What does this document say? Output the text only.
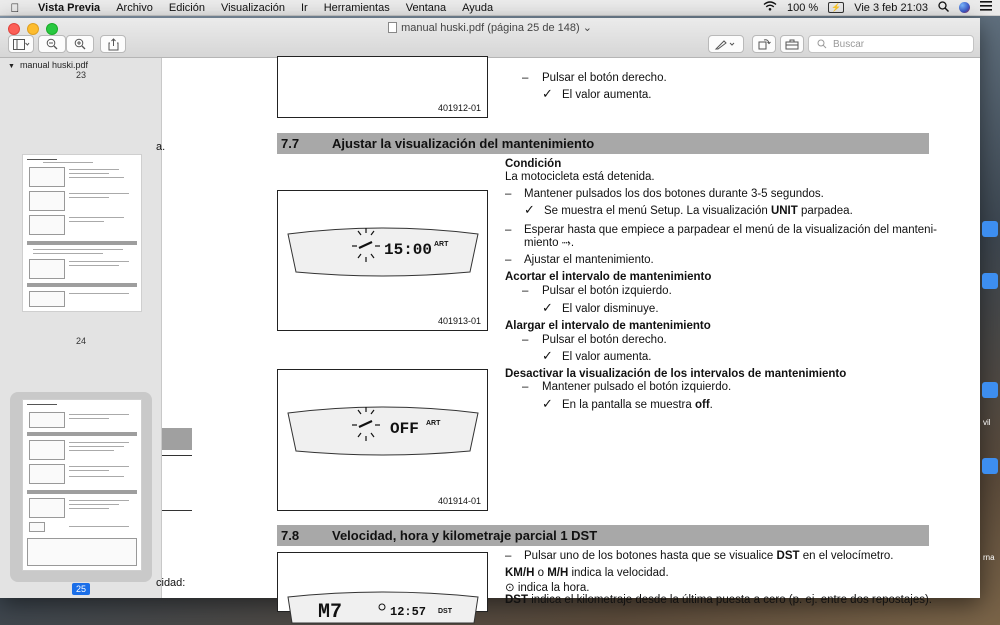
Vista Previa	Archivo	Edición	Visualización	Ir	Herramientas	Ventana	Ayuda	100 %	⚡ Vie 3 feb 21:03
manual huski.pdf (página 25 de 148) ⌄
Buscar
▼ manual huski.pdf
23
24
25
a.
cidad:
401912-01
– Pulsar el botón derecho.
✓ El valor aumenta.
7.7	Ajustar la visualización del mantenimiento
Condición
La motocicleta está detenida.
– Mantener pulsados los dos botones durante 3-5 segundos.
✓ Se muestra el menú Setup. La visualización UNIT parpadea.
– Esperar hasta que empiece a parpadear el menú de la visualización del manteni-
miento ⤑.
– Ajustar el mantenimiento.
Acortar el intervalo de mantenimiento
– Pulsar el botón izquierdo.
✓ El valor disminuye.
Alargar el intervalo de mantenimiento
– Pulsar el botón derecho.
✓ El valor aumenta.
Desactivar la visualización de los intervalos de mantenimiento
– Mantener pulsado el botón izquierdo.
✓ En la pantalla se muestra off.
15:00 ART
401913-01
OFF ART
401914-01
7.8	Velocidad, hora y kilometraje parcial 1 DST
M7	12:57 DST
– Pulsar uno de los botones hasta que se visualice DST en el velocímetro.
KM/H o M/H indica la velocidad.
⊙ indica la hora.
DST indica el kilometraje desde la última puesta a cero (p. ej. entre dos repostajes).
vil
rna
